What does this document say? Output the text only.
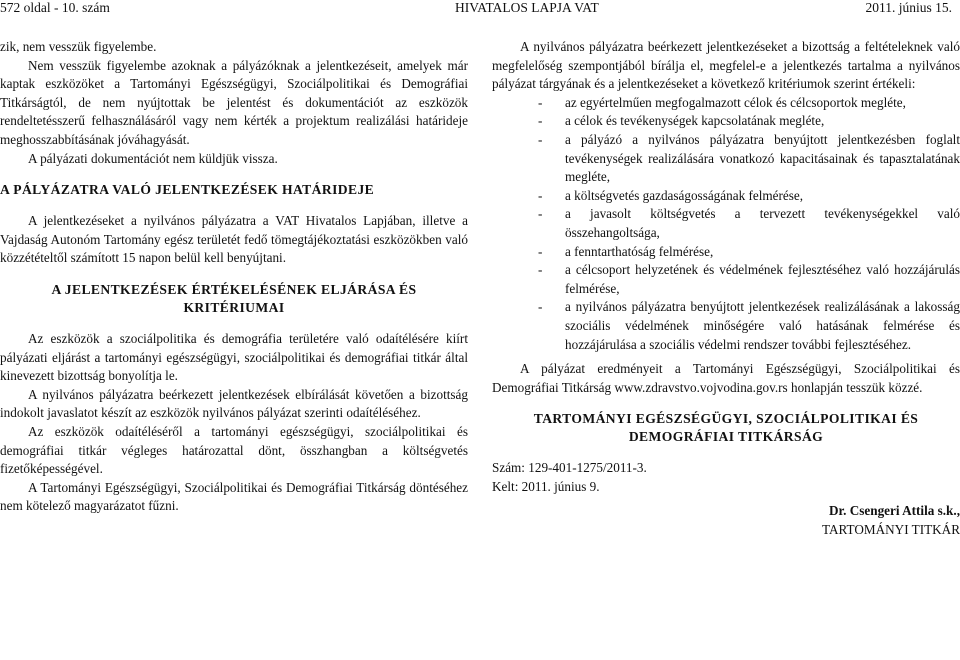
572 oldal - 10. szám	HIVATALOS LAPJA VAT	2011. június 15.

zik, nem vesszük figyelembe.

Nem vesszük figyelembe azoknak a pályázóknak a jelentkezéseit, amelyek már kaptak eszközöket a Tartományi Egészségügyi, Szociálpolitikai és Demográfiai Titkárságtól, de nem nyújtottak be jelentést és dokumentációt az eszközök rendeltetésszerű felhasználásáról vagy nem kérték a projektum realizálási határideje meghosszabbításának jóváhagyását.

A pályázati dokumentációt nem küldjük vissza.

A PÁLYÁZATRA VALÓ JELENTKEZÉSEK HATÁRIDEJE

A jelentkezéseket a nyilvános pályázatra a VAT Hivatalos Lapjában, illetve a Vajdaság Autonóm Tartomány egész területét fedő tömegtájékoztatási eszközökben való közzétételtől számított 15 napon belül kell benyújtani.

A JELENTKEZÉSEK ÉRTÉKELÉSÉNEK ELJÁRÁSA ÉS KRITÉRIUMAI

Az eszközök a szociálpolitika és demográfia területére való odaítélésére kiírt pályázati eljárást a tartományi egészségügyi, szociálpolitikai és demográfiai titkár által kinevezett bizottság bonyolítja le.

A nyilvános pályázatra beérkezett jelentkezések elbírálását követően a bizottság indokolt javaslatot készít az eszközök nyilvános pályázat szerinti odaítéléséhez.

Az eszközök odaítéléséről a tartományi egészségügyi, szociálpolitikai és demográfiai titkár végleges határozattal dönt, összhangban a költségvetés fizetőképességével.

A Tartományi Egészségügyi, Szociálpolitikai és Demográfiai Titkárság döntéséhez nem kötelező magyarázatot fűzni.

A nyilvános pályázatra beérkezett jelentkezéseket a bizottság a feltételeknek való megfelelőség szempontjából bírálja el, megfelel-e a jelentkezés tartalma a nyilvános pályázat tárgyának és a jelentkezéseket a következő kritériumok szerint értékeli:

- az egyértelműen megfogalmazott célok és célcsoportok megléte,
- a célok és tevékenységek kapcsolatának megléte,
- a pályázó a nyilvános pályázatra benyújtott jelentkezésben foglalt tevékenységek realizálására vonatkozó kapacitásainak és tapasztalatának megléte,
- a költségvetés gazdaságosságának felmérése,
- a javasolt költségvetés a tervezett tevékenységekkel való összehangoltsága,
- a fenntarthatóság felmérése,
- a célcsoport helyzetének és védelmének fejlesztéséhez való hozzájárulás felmérése,
- a nyilvános pályázatra benyújtott jelentkezések realizálásának a lakosság szociális védelmének minőségére való hatásának felmérése és hozzájárulása a szociális védelmi rendszer további fejlesztéséhez.

A pályázat eredményeit a Tartományi Egészségügyi, Szociálpolitikai és Demográfiai Titkárság www.zdravstvo.vojvodina.gov.rs honlapján tesszük közzé.

TARTOMÁNYI EGÉSZSÉGÜGYI, SZOCIÁLPOLITIKAI ÉS DEMOGRÁFIAI TITKÁRSÁG

Szám: 129-401-1275/2011-3.

Kelt: 2011. június 9.

Dr. Csengeri Attila s.k.,

TARTOMÁNYI TITKÁR
